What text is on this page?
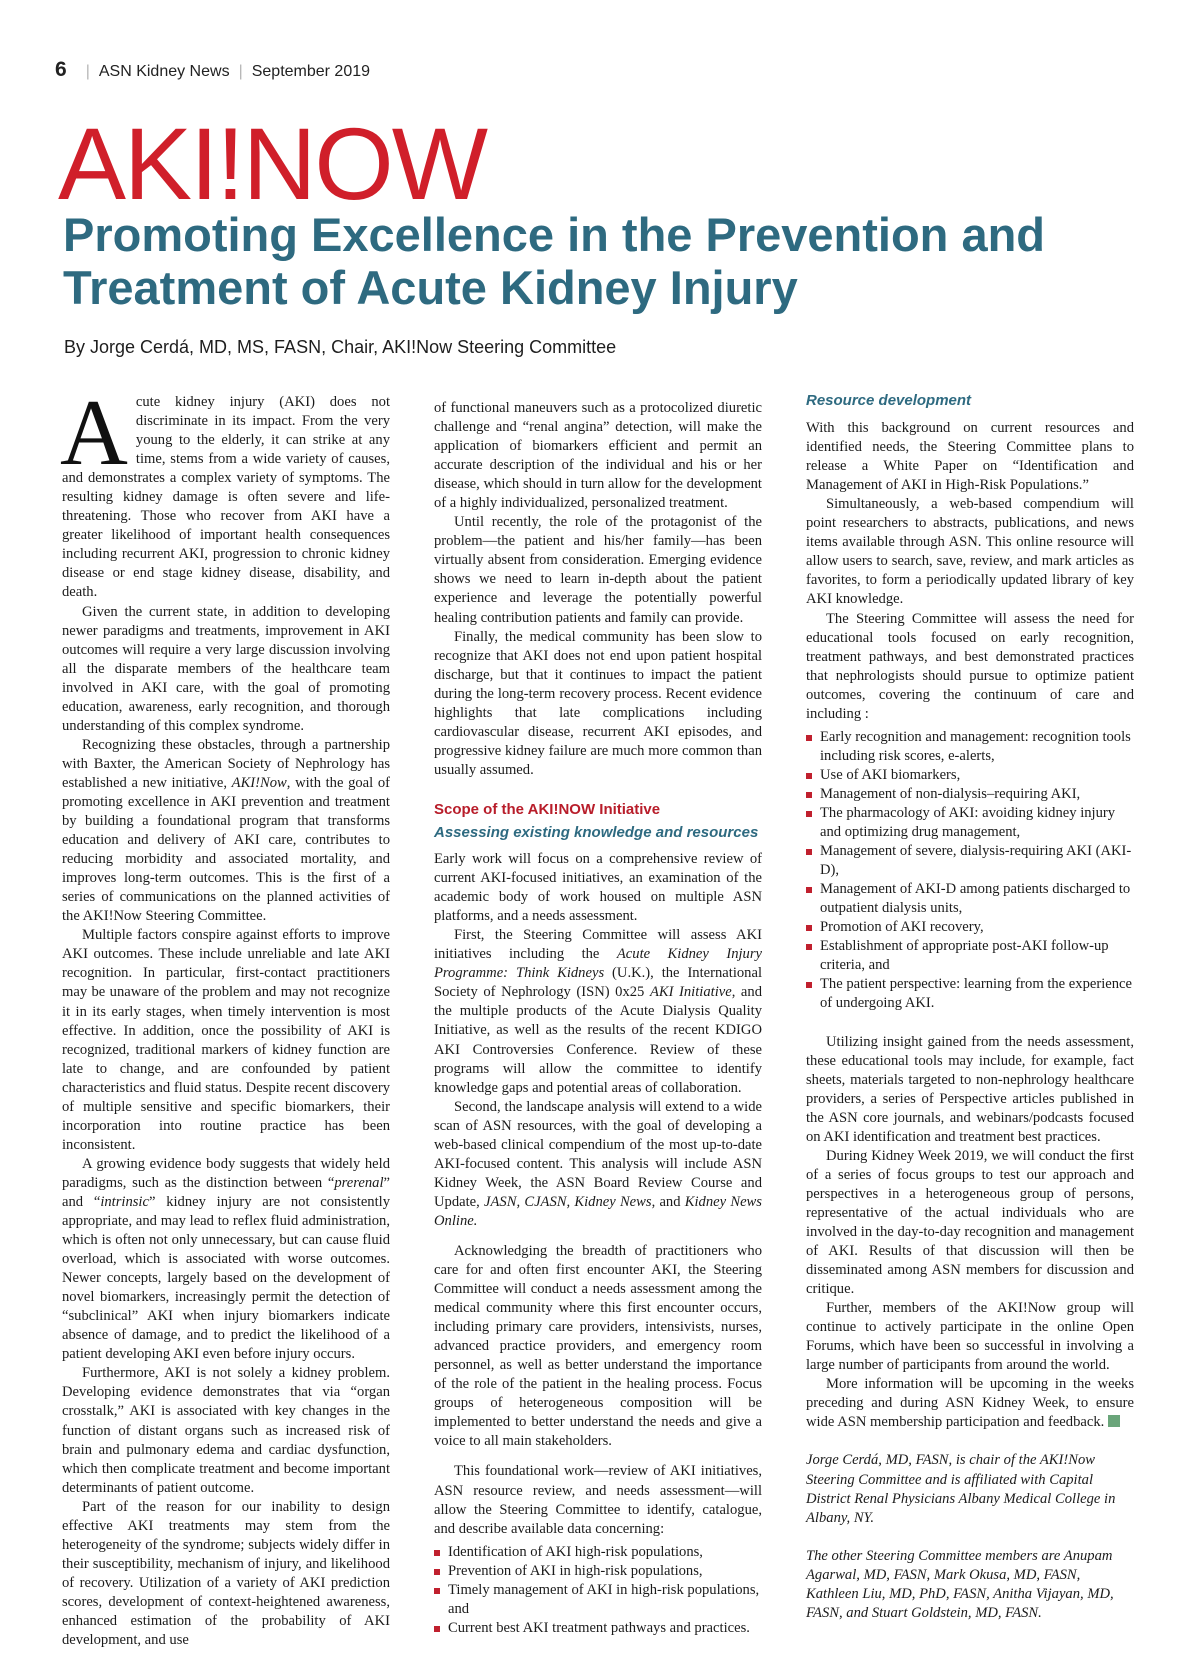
6 | ASN Kidney News | September 2019
AKI!NOW
Promoting Excellence in the Prevention and Treatment of Acute Kidney Injury

By Jorge Cerdá, MD, MS, FASN, Chair, AKI!Now Steering Committee

Acute kidney injury (AKI) does not discriminate in its impact. From the very young to the elderly, it can strike at any time, stems from a wide variety of causes, and demonstrates a complex variety of symptoms. The resulting kidney damage is often severe and life-threatening. Those who recover from AKI have a greater likelihood of important health consequences including recurrent AKI, progression to chronic kidney disease or end stage kidney disease, disability, and death.

Given the current state, in addition to developing newer paradigms and treatments, improvement in AKI outcomes will require a very large discussion involving all the disparate members of the healthcare team involved in AKI care, with the goal of promoting education, awareness, early recognition, and thorough understanding of this complex syndrome.

Recognizing these obstacles, through a partnership with Baxter, the American Society of Nephrology has established a new initiative, AKI!Now, with the goal of promoting excellence in AKI prevention and treatment by building a foundational program that transforms education and delivery of AKI care, contributes to reducing morbidity and associated mortality, and improves long-term outcomes. This is the first of a series of communications on the planned activities of the AKI!Now Steering Committee.

Multiple factors conspire against efforts to improve AKI outcomes. These include unreliable and late AKI recognition. In particular, first-contact practitioners may be unaware of the problem and may not recognize it in its early stages, when timely intervention is most effective. In addition, once the possibility of AKI is recognized, traditional markers of kidney function are late to change, and are confounded by patient characteristics and fluid status. Despite recent discovery of multiple sensitive and specific biomarkers, their incorporation into routine practice has been inconsistent.

A growing evidence body suggests that widely held paradigms, such as the distinction between “prerenal” and “intrinsic” kidney injury are not consistently appropriate, and may lead to reflex fluid administration, which is often not only unnecessary, but can cause fluid overload, which is associated with worse outcomes. Newer concepts, largely based on the development of novel biomarkers, increasingly permit the detection of “subclinical” AKI when injury biomarkers indicate absence of damage, and to predict the likelihood of a patient developing AKI even before injury occurs.

Furthermore, AKI is not solely a kidney problem. Developing evidence demonstrates that via “organ crosstalk,” AKI is associated with key changes in the function of distant organs such as increased risk of brain and pulmonary edema and cardiac dysfunction, which then complicate treatment and become important determinants of patient outcome.

Part of the reason for our inability to design effective AKI treatments may stem from the heterogeneity of the syndrome; subjects widely differ in their susceptibility, mechanism of injury, and likelihood of recovery. Utilization of a variety of AKI prediction scores, development of context-heightened awareness, enhanced estimation of the probability of AKI development, and use

of functional maneuvers such as a protocolized diuretic challenge and “renal angina” detection, will make the application of biomarkers efficient and permit an accurate description of the individual and his or her disease, which should in turn allow for the development of a highly individualized, personalized treatment.

Until recently, the role of the protagonist of the problem—the patient and his/her family—has been virtually absent from consideration. Emerging evidence shows we need to learn in-depth about the patient experience and leverage the potentially powerful healing contribution patients and family can provide.

Finally, the medical community has been slow to recognize that AKI does not end upon patient hospital discharge, but that it continues to impact the patient during the long-term recovery process. Recent evidence highlights that late complications including cardiovascular disease, recurrent AKI episodes, and progressive kidney failure are much more common than usually assumed.

Scope of the AKI!NOW Initiative
Assessing existing knowledge and resources

Early work will focus on a comprehensive review of current AKI-focused initiatives, an examination of the academic body of work housed on multiple ASN platforms, and a needs assessment.

First, the Steering Committee will assess AKI initiatives including the Acute Kidney Injury Programme: Think Kidneys (U.K.), the International Society of Nephrology (ISN) 0x25 AKI Initiative, and the multiple products of the Acute Dialysis Quality Initiative, as well as the results of the recent KDIGO AKI Controversies Conference. Review of these programs will allow the committee to identify knowledge gaps and potential areas of collaboration.

Second, the landscape analysis will extend to a wide scan of ASN resources, with the goal of developing a web-based clinical compendium of the most up-to-date AKI-focused content. This analysis will include ASN Kidney Week, the ASN Board Review Course and Update, JASN, CJASN, Kidney News, and Kidney News Online.

Acknowledging the breadth of practitioners who care for and often first encounter AKI, the Steering Committee will conduct a needs assessment among the medical community where this first encounter occurs, including primary care providers, intensivists, nurses, advanced practice providers, and emergency room personnel, as well as better understand the importance of the role of the patient in the healing process. Focus groups of heterogeneous composition will be implemented to better understand the needs and give a voice to all main stakeholders.

This foundational work—review of AKI initiatives, ASN resource review, and needs assessment—will allow the Steering Committee to identify, catalogue, and describe available data concerning:

Identification of AKI high-risk populations,
Prevention of AKI in high-risk populations,
Timely management of AKI in high-risk populations, and
Current best AKI treatment pathways and practices.
Resource development

With this background on current resources and identified needs, the Steering Committee plans to release a White Paper on “Identification and Management of AKI in High-Risk Populations.”

Simultaneously, a web-based compendium will point researchers to abstracts, publications, and news items available through ASN. This online resource will allow users to search, save, review, and mark articles as favorites, to form a periodically updated library of key AKI knowledge.

The Steering Committee will assess the need for educational tools focused on early recognition, treatment pathways, and best demonstrated practices that nephrologists should pursue to optimize patient outcomes, covering the continuum of care and including :

Early recognition and management: recognition tools including risk scores, e-alerts,
Use of AKI biomarkers,
Management of non-dialysis–requiring AKI,
The pharmacology of AKI: avoiding kidney injury and optimizing drug management,
Management of severe, dialysis-requiring AKI (AKI-D),
Management of AKI-D among patients discharged to outpatient dialysis units,
Promotion of AKI recovery,
Establishment of appropriate post-AKI follow-up criteria, and
The patient perspective: learning from the experience of undergoing AKI.

Utilizing insight gained from the needs assessment, these educational tools may include, for example, fact sheets, materials targeted to non-nephrology healthcare providers, a series of Perspective articles published in the ASN core journals, and webinars/podcasts focused on AKI identification and treatment best practices.

During Kidney Week 2019, we will conduct the first of a series of focus groups to test our approach and perspectives in a heterogeneous group of persons, representative of the actual individuals who are involved in the day-to-day recognition and management of AKI. Results of that discussion will then be disseminated among ASN members for discussion and critique.

Further, members of the AKI!Now group will continue to actively participate in the online Open Forums, which have been so successful in involving a large number of participants from around the world.

More information will be upcoming in the weeks preceding and during ASN Kidney Week, to ensure wide ASN membership participation and feedback.

Jorge Cerdá, MD, FASN, is chair of the AKI!Now Steering Committee and is affiliated with Capital District Renal Physicians Albany Medical College in Albany, NY.

The other Steering Committee members are Anupam Agarwal, MD, FASN, Mark Okusa, MD, FASN, Kathleen Liu, MD, PhD, FASN, Anitha Vijayan, MD, FASN, and Stuart Goldstein, MD, FASN.
